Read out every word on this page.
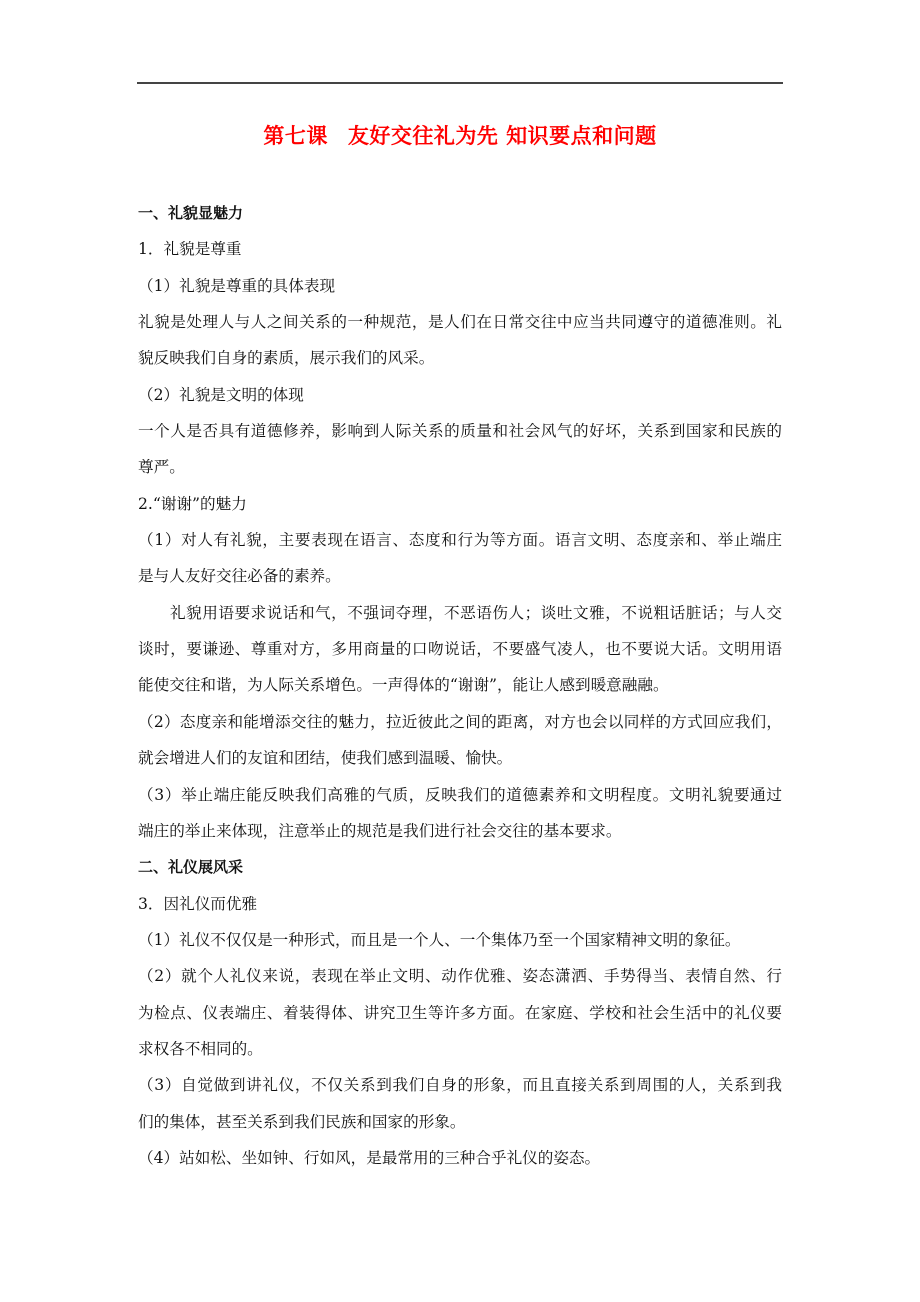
第七课 友好交往礼为先 知识要点和问题
一、礼貌显魅力
1．礼貌是尊重
（1）礼貌是尊重的具体表现
礼貌是处理人与人之间关系的一种规范，是人们在日常交往中应当共同遵守的道德准则。礼
貌反映我们自身的素质，展示我们的风采。
（2）礼貌是文明的体现
一个人是否具有道德修养，影响到人际关系的质量和社会风气的好坏，关系到国家和民族的
尊严。
2.“谢谢”的魅力
（1）对人有礼貌，主要表现在语言、态度和行为等方面。语言文明、态度亲和、举止端庄
是与人友好交往必备的素养。
礼貌用语要求说话和气，不强词夺理，不恶语伤人；谈吐文雅，不说粗话脏话；与人交
谈时，要谦逊、尊重对方，多用商量的口吻说话，不要盛气凌人，也不要说大话。文明用语
能使交往和谐，为人际关系增色。一声得体的“谢谢”，能让人感到暖意融融。
（2）态度亲和能增添交往的魅力，拉近彼此之间的距离，对方也会以同样的方式回应我们，
就会增进人们的友谊和团结，使我们感到温暖、愉快。
（3）举止端庄能反映我们高雅的气质，反映我们的道德素养和文明程度。文明礼貌要通过
端庄的举止来体现，注意举止的规范是我们进行社会交往的基本要求。
二、礼仪展风采
3．因礼仪而优雅
（1）礼仪不仅仅是一种形式，而且是一个人、一个集体乃至一个国家精神文明的象征。
（2）就个人礼仪来说，表现在举止文明、动作优雅、姿态潇洒、手势得当、表情自然、行
为检点、仪表端庄、着装得体、讲究卫生等许多方面。在家庭、学校和社会生活中的礼仪要
求权各不相同的。
（3）自觉做到讲礼仪，不仅关系到我们自身的形象，而且直接关系到周围的人，关系到我
们的集体，甚至关系到我们民族和国家的形象。
（4）站如松、坐如钟、行如风，是最常用的三种合乎礼仪的姿态。
